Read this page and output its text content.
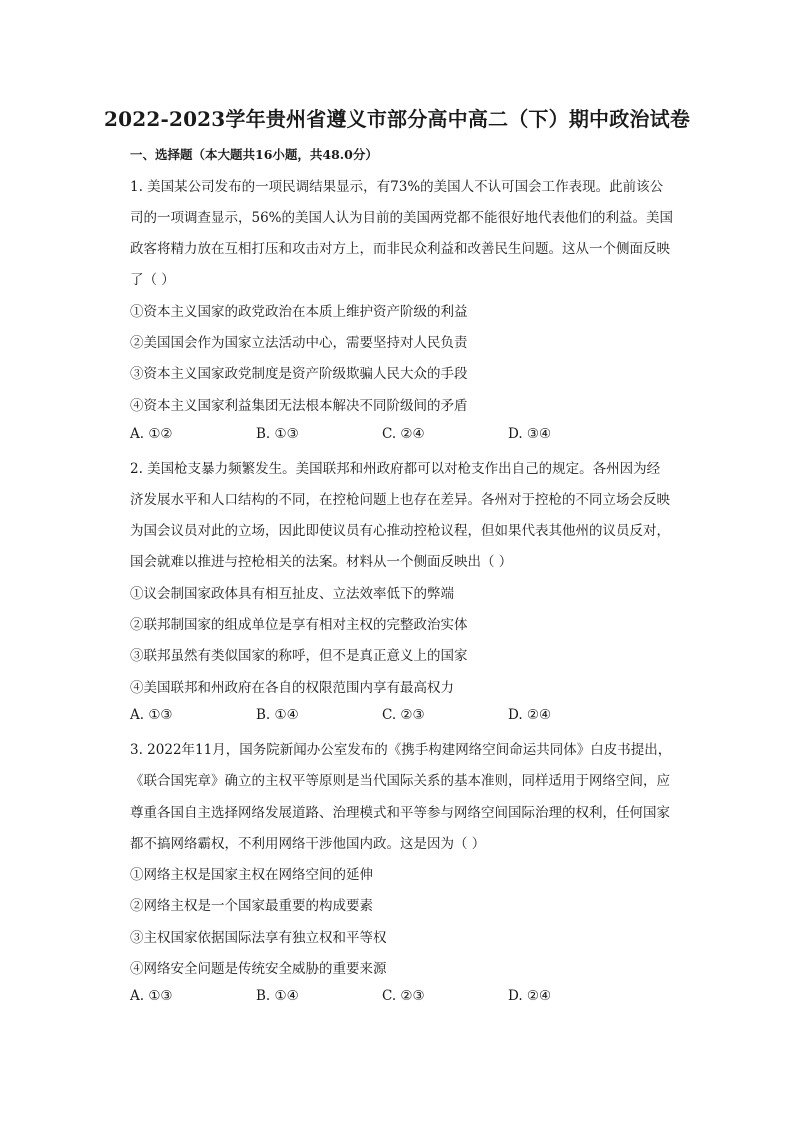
2022-2023学年贵州省遵义市部分高中高二（下）期中政治试卷
一、选择题（本大题共16小题，共48.0分）
1. 美国某公司发布的一项民调结果显示，有73%的美国人不认可国会工作表现。此前该公
司的一项调查显示，56%的美国人认为目前的美国两党都不能很好地代表他们的利益。美国
政客将精力放在互相打压和攻击对方上，而非民众利益和改善民生问题。这从一个侧面反映
了（ ）
①资本主义国家的政党政治在本质上维护资产阶级的利益
②美国国会作为国家立法活动中心，需要坚持对人民负责
③资本主义国家政党制度是资产阶级欺骗人民大众的手段
④资本主义国家利益集团无法根本解决不同阶级间的矛盾
A. ①②	B. ①③	C. ②④	D. ③④
2. 美国枪支暴力频繁发生。美国联邦和州政府都可以对枪支作出自己的规定。各州因为经
济发展水平和人口结构的不同，在控枪问题上也存在差异。各州对于控枪的不同立场会反映
为国会议员对此的立场，因此即使议员有心推动控枪议程，但如果代表其他州的议员反对，
国会就难以推进与控枪相关的法案。材料从一个侧面反映出（ ）
①议会制国家政体具有相互扯皮、立法效率低下的弊端
②联邦制国家的组成单位是享有相对主权的完整政治实体
③联邦虽然有类似国家的称呼，但不是真正意义上的国家
④美国联邦和州政府在各自的权限范围内享有最高权力
A. ①③	B. ①④	C. ②③	D. ②④
3. 2022年11月，国务院新闻办公室发布的《携手构建网络空间命运共同体》白皮书提出，
《联合国宪章》确立的主权平等原则是当代国际关系的基本准则，同样适用于网络空间，应
尊重各国自主选择网络发展道路、治理模式和平等参与网络空间国际治理的权利，任何国家
都不搞网络霸权，不利用网络干涉他国内政。这是因为（ ）
①网络主权是国家主权在网络空间的延伸
②网络主权是一个国家最重要的构成要素
③主权国家依据国际法享有独立权和平等权
④网络安全问题是传统安全威胁的重要来源
A. ①③	B. ①④	C. ②③	D. ②④
